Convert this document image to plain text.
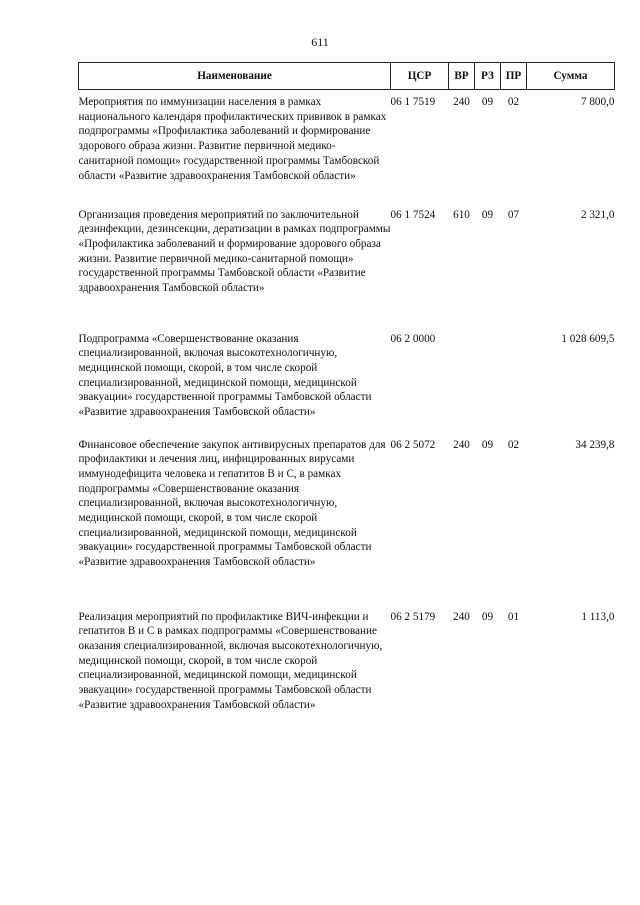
611
Наименование	ЦСР	ВР	РЗ	ПР	Сумма
Мероприятия по иммунизации населения в рамках национального календаря профилактических прививок в рамках подпрограммы «Профилактика заболеваний и формирование здорового образа жизни. Развитие первичной медико-санитарной помощи» государственной программы Тамбовской области «Развитие здравоохранения Тамбовской области»	06 1 7519	240	09	02	7 800,0
Организация проведения мероприятий по заключительной дезинфекции, дезинсекции, дератизации в рамках подпрограммы «Профилактика заболеваний и формирование здорового образа жизни. Развитие первичной медико-санитарной помощи» государственной программы Тамбовской области «Развитие здравоохранения Тамбовской области»	06 1 7524	610	09	07	2 321,0
Подпрограмма «Совершенствование оказания специализированной, включая высокотехнологичную, медицинской помощи, скорой, в том числе скорой специализированной, медицинской помощи, медицинской эвакуации» государственной программы Тамбовской области «Развитие здравоохранения Тамбовской области»	06 2 0000				1 028 609,5
Финансовое обеспечение закупок антивирусных препаратов для профилактики и лечения лиц, инфицированных вирусами иммунодефицита человека и гепатитов В и С, в рамках подпрограммы «Совершенствование оказания специализированной, включая высокотехнологичную, медицинской помощи, скорой, в том числе скорой специализированной, медицинской помощи, медицинской эвакуации» государственной программы Тамбовской области «Развитие здравоохранения Тамбовской области»	06 2 5072	240	09	02	34 239,8
Реализация мероприятий по профилактике ВИЧ-инфекции и гепатитов В и С в рамках подпрограммы «Совершенствование оказания специализированной, включая высокотехнологичную, медицинской помощи, скорой, в том числе скорой специализированной, медицинской помощи, медицинской эвакуации» государственной программы Тамбовской области «Развитие здравоохранения Тамбовской области»	06 2 5179	240	09	01	1 113,0
